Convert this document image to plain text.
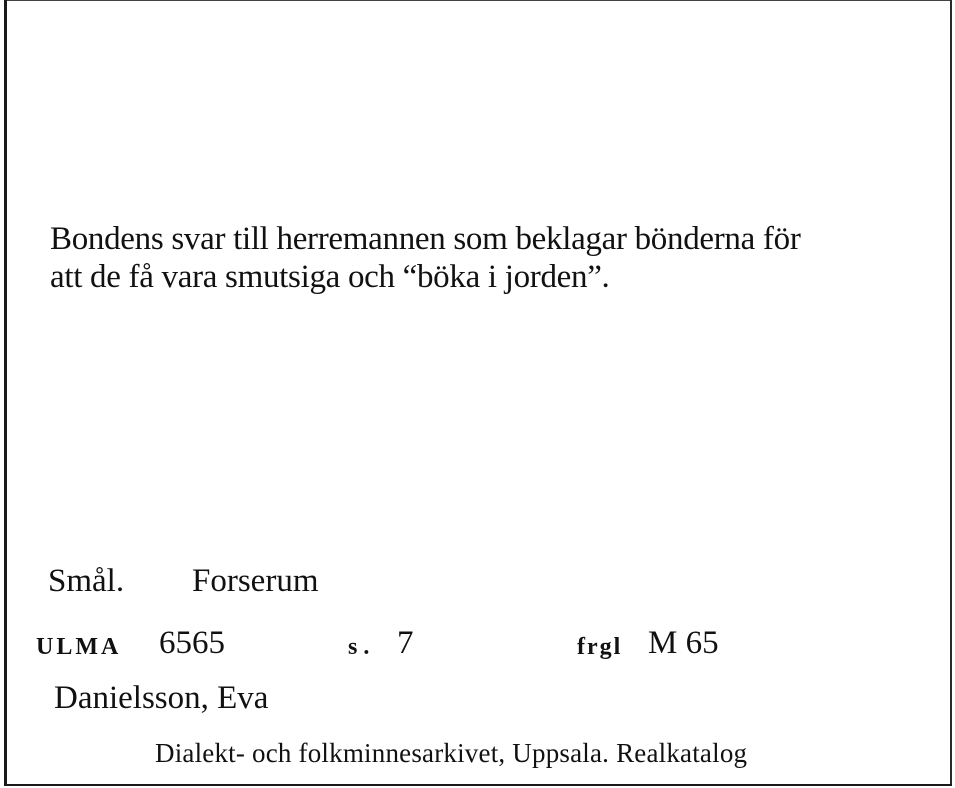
Bondens svar till herremannen som beklagar bönderna för
att de få vara smutsiga och “böka i jorden”.
Smål. Forserum
ULMA 6565	s. 7	frgl M 65
Danielsson, Eva
Dialekt- och folkminnesarkivet, Uppsala. Realkatalog
